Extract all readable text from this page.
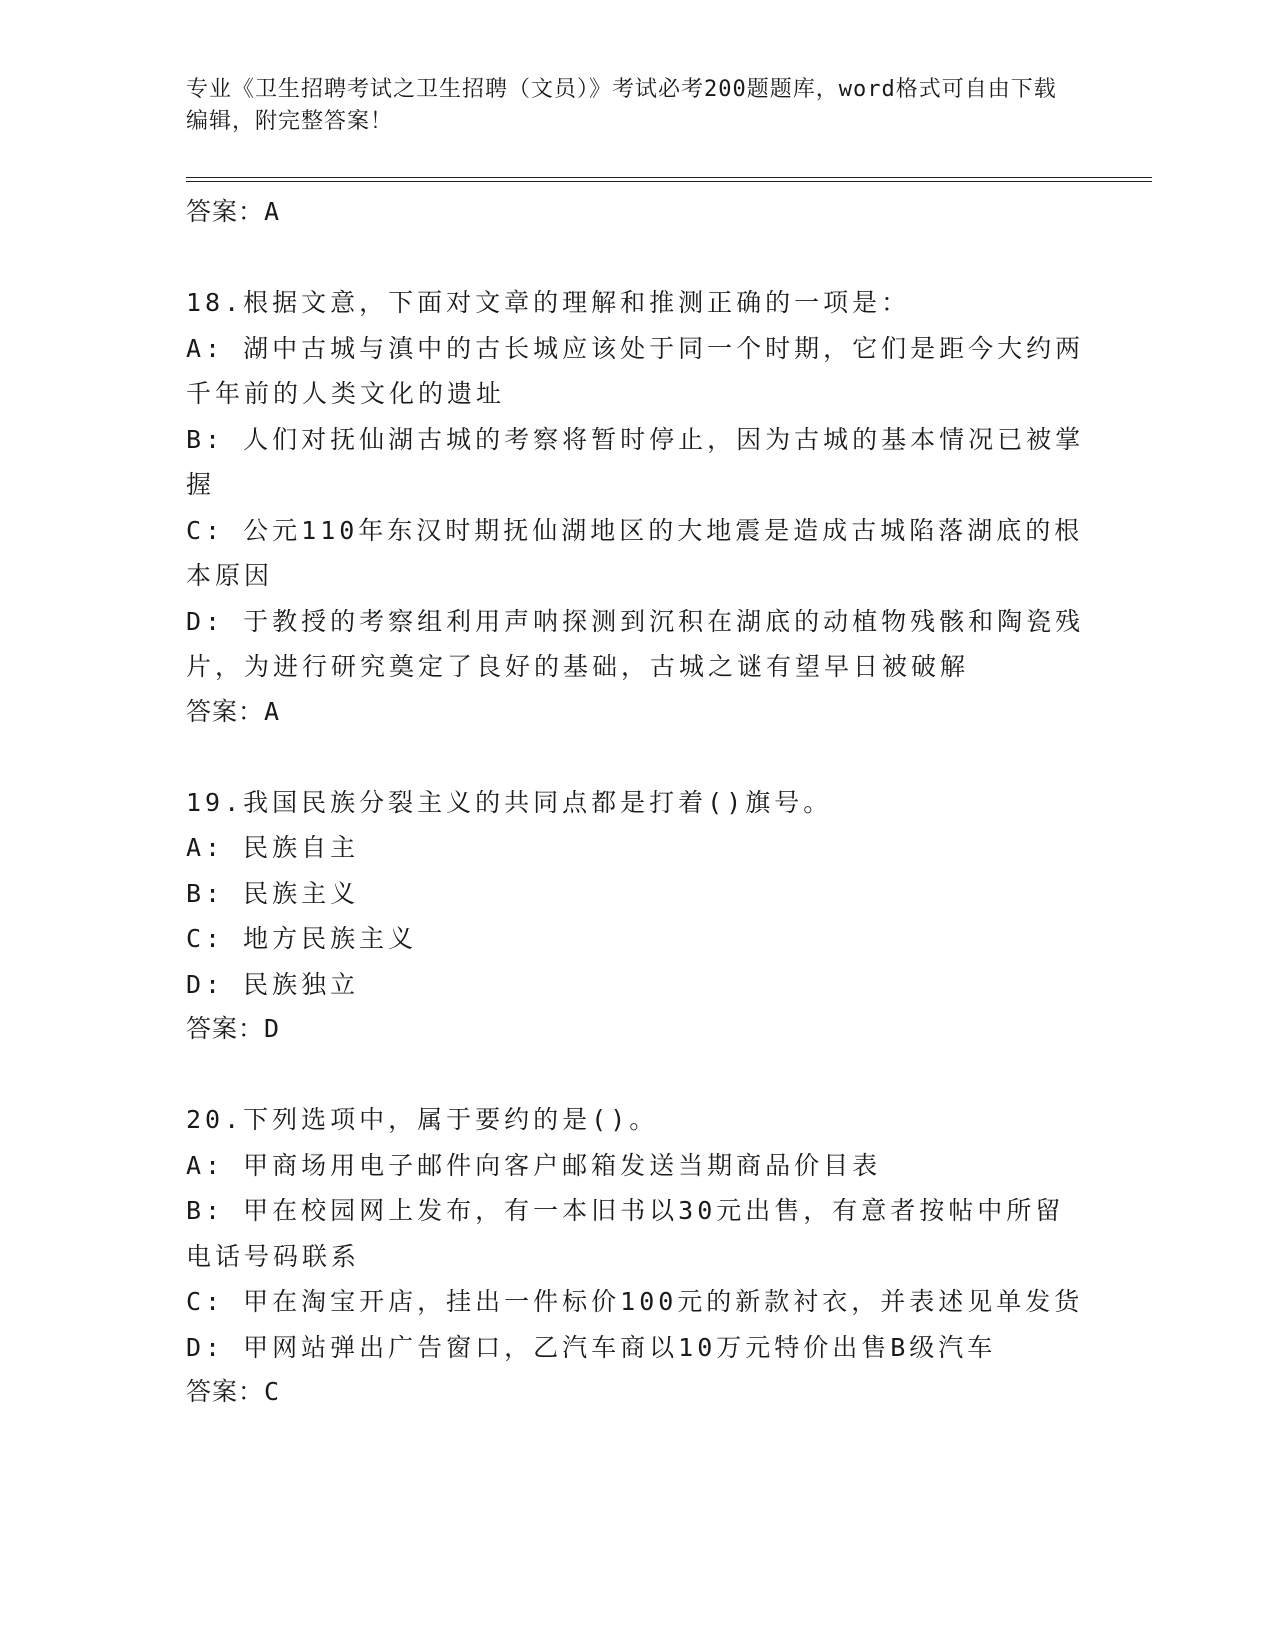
专业《卫生招聘考试之卫生招聘（文员）》考试必考200题题库，word格式可自由下载编辑，附完整答案！
答案：A
18.根据文意，下面对文章的理解和推测正确的一项是：
A: 湖中古城与滇中的古长城应该处于同一个时期，它们是距今大约两千年前的人类文化的遗址
B: 人们对抚仙湖古城的考察将暂时停止，因为古城的基本情况已被掌握
C: 公元110年东汉时期抚仙湖地区的大地震是造成古城陷落湖底的根本原因
D: 于教授的考察组利用声呐探测到沉积在湖底的动植物残骸和陶瓷残片，为进行研究奠定了良好的基础，古城之谜有望早日被破解
答案：A
19.我国民族分裂主义的共同点都是打着()旗号。
A: 民族自主
B: 民族主义
C: 地方民族主义
D: 民族独立
答案：D
20.下列选项中，属于要约的是()。
A: 甲商场用电子邮件向客户邮箱发送当期商品价目表
B: 甲在校园网上发布，有一本旧书以30元出售，有意者按帖中所留电话号码联系
C: 甲在淘宝开店，挂出一件标价100元的新款衬衣，并表述见单发货
D: 甲网站弹出广告窗口，乙汽车商以10万元特价出售B级汽车
答案：C
